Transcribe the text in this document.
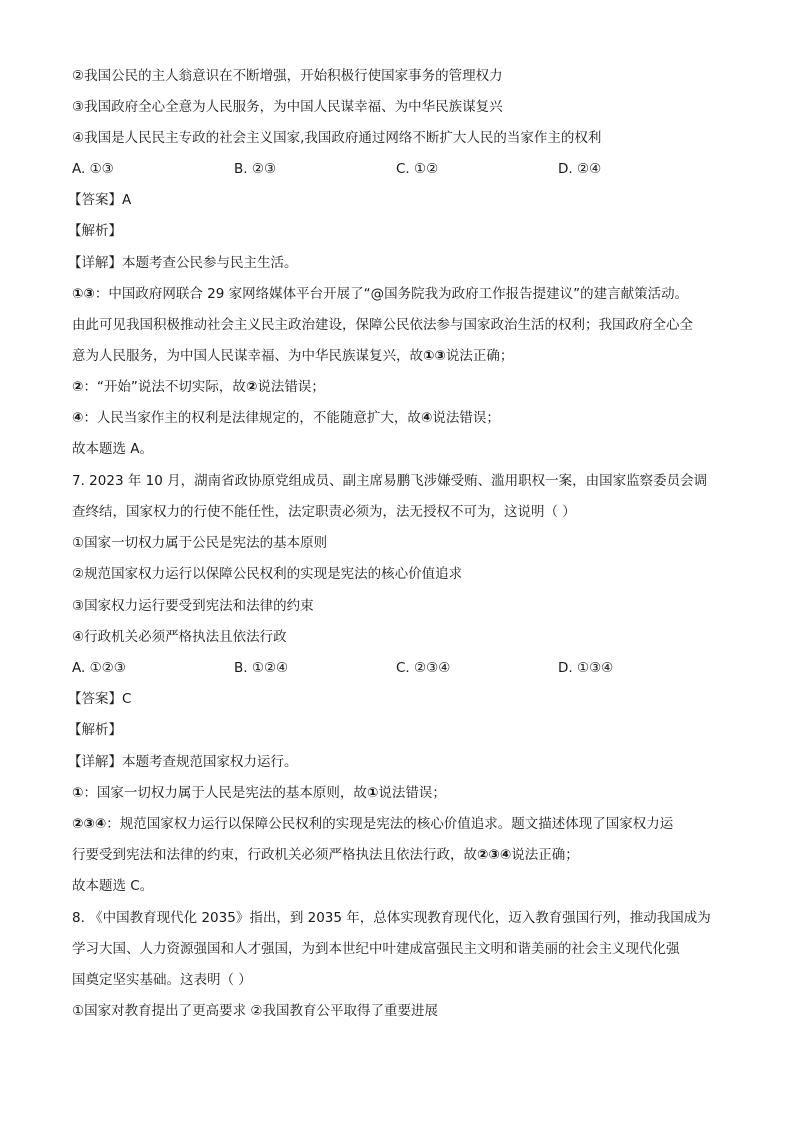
②我国公民的主人翁意识在不断增强，开始积极行使国家事务的管理权力
③我国政府全心全意为人民服务，为中国人民谋幸福、为中华民族谋复兴
④我国是人民民主专政的社会主义国家,我国政府通过网络不断扩大人民的当家作主的权利
A. ①③	B. ②③	C. ①②	D. ②④
【答案】A
【解析】
【详解】本题考查公民参与民主生活。
①③：中国政府网联合 29 家网络媒体平台开展了“@国务院我为政府工作报告提建议”的建言献策活动。
由此可见我国积极推动社会主义民主政治建设，保障公民依法参与国家政治生活的权利；我国政府全心全
意为人民服务，为中国人民谋幸福、为中华民族谋复兴，故①③说法正确；
②：“开始”说法不切实际，故②说法错误；
④：人民当家作主的权利是法律规定的，不能随意扩大，故④说法错误；
故本题选 A。
7. 2023 年 10 月，湖南省政协原党组成员、副主席易鹏飞涉嫌受贿、滥用职权一案，由国家监察委员会调
查终结，国家权力的行使不能任性，法定职责必须为，法无授权不可为，这说明（ ）
①国家一切权力属于公民是宪法的基本原则
②规范国家权力运行以保障公民权利的实现是宪法的核心价值追求
③国家权力运行要受到宪法和法律的约束
④行政机关必须严格执法且依法行政
A. ①②③	B. ①②④	C. ②③④	D. ①③④
【答案】C
【解析】
【详解】本题考查规范国家权力运行。
①：国家一切权力属于人民是宪法的基本原则，故①说法错误；
②③④：规范国家权力运行以保障公民权利的实现是宪法的核心价值追求。题文描述体现了国家权力运
行要受到宪法和法律的约束，行政机关必须严格执法且依法行政，故②③④说法正确；
故本题选 C。
8. 《中国教育现代化 2035》指出，到 2035 年，总体实现教育现代化，迈入教育强国行列，推动我国成为
学习大国、人力资源强国和人才强国，为到本世纪中叶建成富强民主文明和谐美丽的社会主义现代化强
国奠定坚实基础。这表明（ ）
①国家对教育提出了更高要求 ②我国教育公平取得了重要进展
